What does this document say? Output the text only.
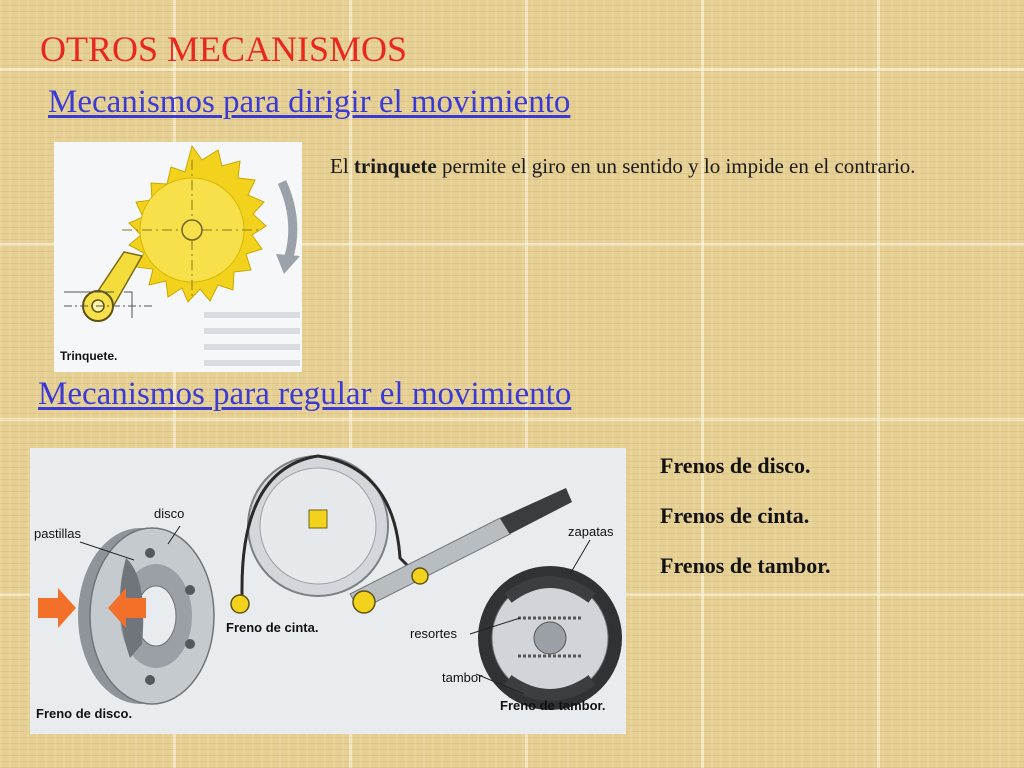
OTROS MECANISMOS
Mecanismos para dirigir el movimiento
Trinquete.

El trinquete permite el giro en un sentido y lo impide en el contrario.

Mecanismos para regular el movimiento
pastillas
disco
Freno de disco.
Freno de cinta.
zapatas
resortes
tambor
Freno de tambor.
Frenos de disco.
Frenos de cinta.
Frenos de tambor.
